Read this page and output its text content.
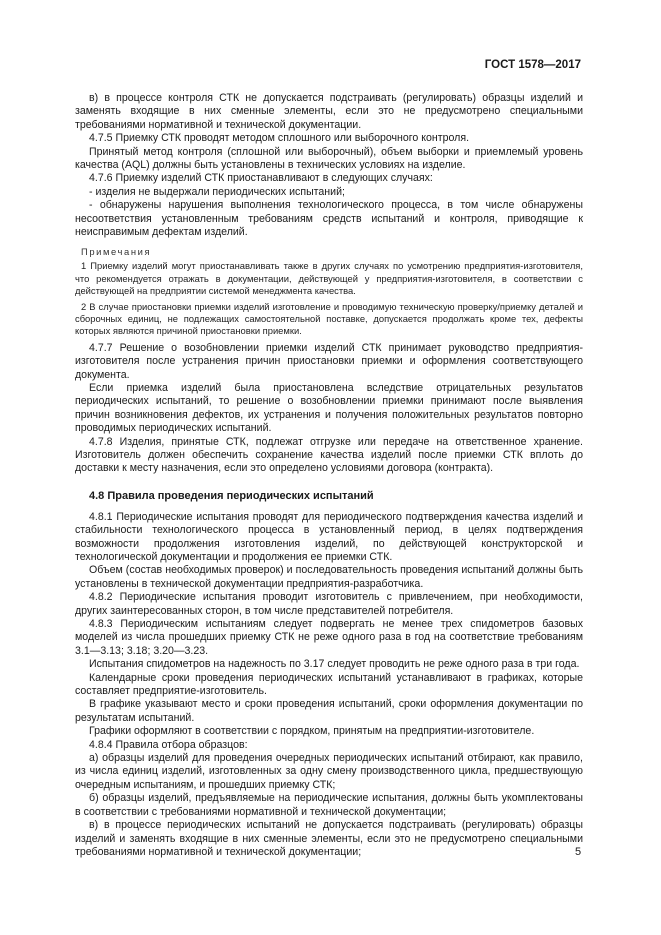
ГОСТ 1578—2017

в) в процессе контроля СТК не допускается подстраивать (регулировать) образцы изделий и заменять входящие в них сменные элементы, если это не предусмотрено специальными требованиями нормативной и технической документации.

4.7.5 Приемку СТК проводят методом сплошного или выборочного контроля.

Принятый метод контроля (сплошной или выборочный), объем выборки и приемлемый уровень качества (AQL) должны быть установлены в технических условиях на изделие.

4.7.6 Приемку изделий СТК приостанавливают в следующих случаях:

- изделия не выдержали периодических испытаний;

- обнаружены нарушения выполнения технологического процесса, в том числе обнаружены несоответствия установленным требованиям средств испытаний и контроля, приводящие к неисправимым дефектам изделий.

Примечания

1 Приемку изделий могут приостанавливать также в других случаях по усмотрению предприятия-изготовителя, что рекомендуется отражать в документации, действующей у предприятия-изготовителя, в соответствии с действующей на предприятии системой менеджмента качества.

2 В случае приостановки приемки изделий изготовление и проводимую техническую проверку/приемку деталей и сборочных единиц, не подлежащих самостоятельной поставке, допускается продолжать кроме тех, дефекты которых являются причиной приостановки приемки.

4.7.7 Решение о возобновлении приемки изделий СТК принимает руководство предприятия-изготовителя после устранения причин приостановки приемки и оформления соответствующего документа.

Если приемка изделий была приостановлена вследствие отрицательных результатов периодических испытаний, то решение о возобновлении приемки принимают после выявления причин возникновения дефектов, их устранения и получения положительных результатов повторно проводимых периодических испытаний.

4.7.8 Изделия, принятые СТК, подлежат отгрузке или передаче на ответственное хранение. Изготовитель должен обеспечить сохранение качества изделий после приемки СТК вплоть до доставки к месту назначения, если это определено условиями договора (контракта).

4.8 Правила проведения периодических испытаний

4.8.1 Периодические испытания проводят для периодического подтверждения качества изделий и стабильности технологического процесса в установленный период, в целях подтверждения возможности продолжения изготовления изделий, по действующей конструкторской и технологической документации и продолжения ее приемки СТК.

Объем (состав необходимых проверок) и последовательность проведения испытаний должны быть установлены в технической документации предприятия-разработчика.

4.8.2 Периодические испытания проводит изготовитель с привлечением, при необходимости, других заинтересованных сторон, в том числе представителей потребителя.

4.8.3 Периодическим испытаниям следует подвергать не менее трех спидометров базовых моделей из числа прошедших приемку СТК не реже одного раза в год на соответствие требованиям 3.1—3.13; 3.18; 3.20—3.23.

Испытания спидометров на надежность по 3.17 следует проводить не реже одного раза в три года.

Календарные сроки проведения периодических испытаний устанавливают в графиках, которые составляет предприятие-изготовитель.

В графике указывают место и сроки проведения испытаний, сроки оформления документации по результатам испытаний.

Графики оформляют в соответствии с порядком, принятым на предприятии-изготовителе.

4.8.4 Правила отбора образцов:

а) образцы изделий для проведения очередных периодических испытаний отбирают, как правило, из числа единиц изделий, изготовленных за одну смену производственного цикла, предшествующую очередным испытаниям, и прошедших приемку СТК;

б) образцы изделий, предъявляемые на периодические испытания, должны быть укомплектованы в соответствии с требованиями нормативной и технической документации;

в) в процессе периодических испытаний не допускается подстраивать (регулировать) образцы изделий и заменять входящие в них сменные элементы, если это не предусмотрено специальными требованиями нормативной и технической документации;	5
